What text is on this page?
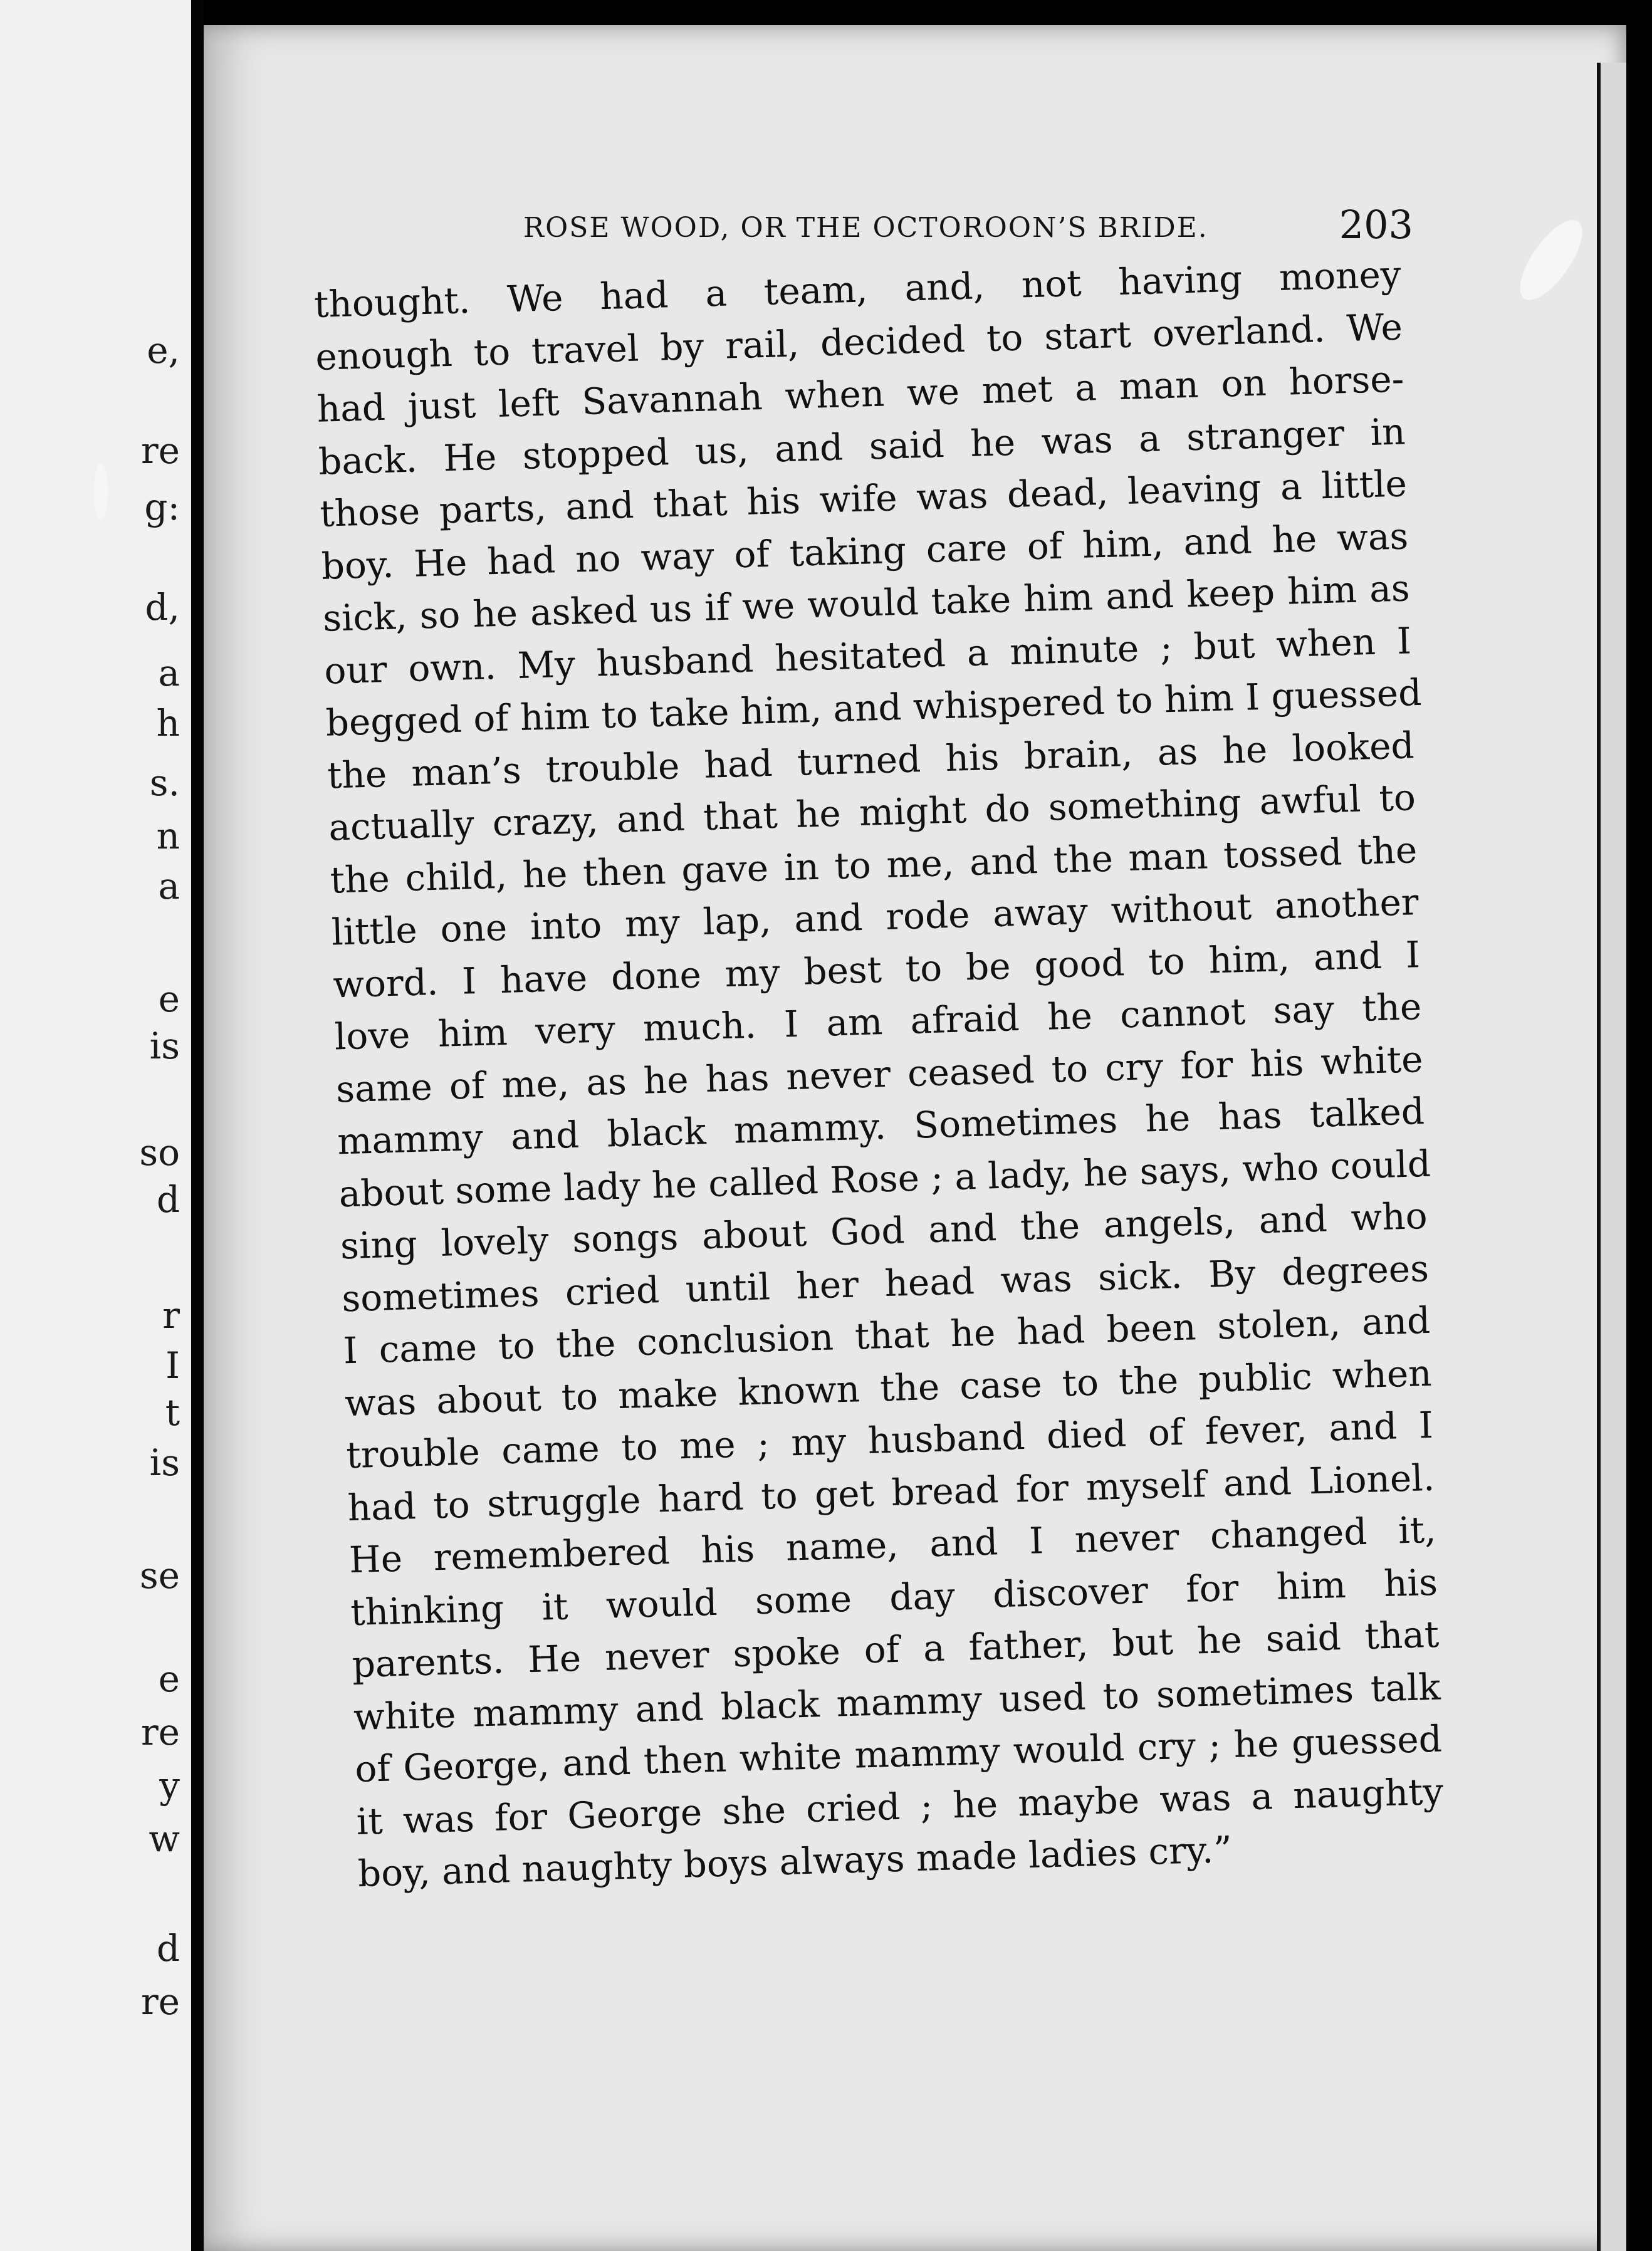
e,
re
g:
d,
a
h
s.
n
a
e
is
so
d
r
I
t
is
se
e
re
y
w
d
re
ROSE WOOD, OR THE OCTOROON’S BRIDE.	203
thought. We had a team, and, not having money
enough to travel by rail, decided to start overland. We
had just left Savannah when we met a man on horse-
back. He stopped us, and said he was a stranger in
those parts, and that his wife was dead, leaving a little
boy. He had no way of taking care of him, and he was
sick, so he asked us if we would take him and keep him as
our own. My husband hesitated a minute ; but when I
begged of him to take him, and whispered to him I guessed
the man’s trouble had turned his brain, as he looked
actually crazy, and that he might do something awful to
the child, he then gave in to me, and the man tossed the
little one into my lap, and rode away without another
word. I have done my best to be good to him, and I
love him very much. I am afraid he cannot say the
same of me, as he has never ceased to cry for his white
mammy and black mammy. Sometimes he has talked
about some lady he called Rose ; a lady, he says, who could
sing lovely songs about God and the angels, and who
sometimes cried until her head was sick. By degrees
I came to the conclusion that he had been stolen, and
was about to make known the case to the public when
trouble came to me ; my husband died of fever, and I
had to struggle hard to get bread for myself and Lionel.
He remembered his name, and I never changed it,
thinking it would some day discover for him his
parents. He never spoke of a father, but he said that
white mammy and black mammy used to sometimes talk
of George, and then white mammy would cry ; he guessed
it was for George she cried ; he maybe was a naughty
boy, and naughty boys always made ladies cry.”
